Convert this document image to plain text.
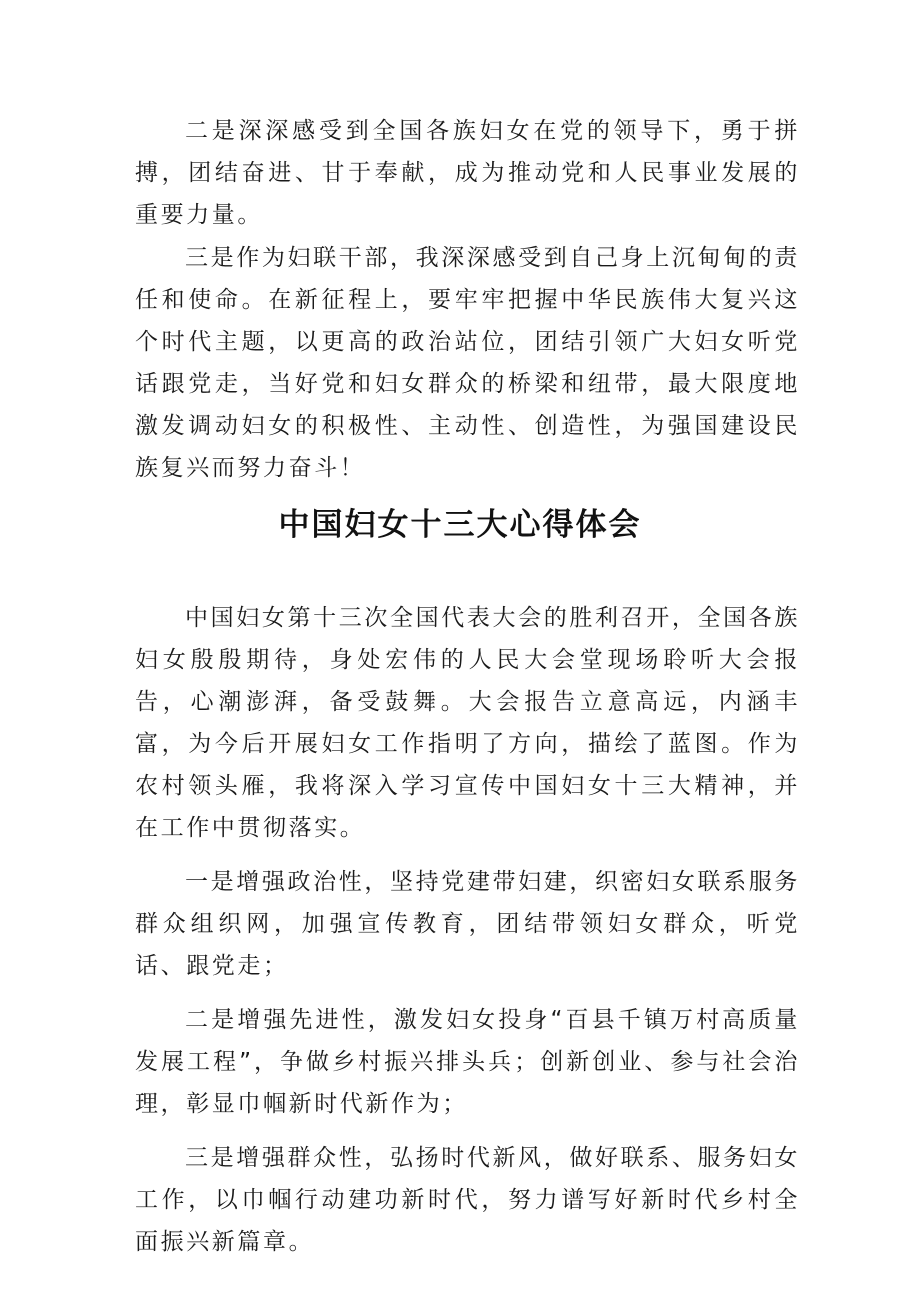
二是深深感受到全国各族妇女在党的领导下，勇于拼搏，团结奋进、甘于奉献，成为推动党和人民事业发展的重要力量。

三是作为妇联干部，我深深感受到自己身上沉甸甸的责任和使命。在新征程上，要牢牢把握中华民族伟大复兴这个时代主题，以更高的政治站位，团结引领广大妇女听党话跟党走，当好党和妇女群众的桥梁和纽带，最大限度地激发调动妇女的积极性、主动性、创造性，为强国建设民族复兴而努力奋斗！

中国妇女十三大心得体会

中国妇女第十三次全国代表大会的胜利召开，全国各族妇女殷殷期待，身处宏伟的人民大会堂现场聆听大会报告，心潮澎湃，备受鼓舞。大会报告立意高远，内涵丰富，为今后开展妇女工作指明了方向，描绘了蓝图。作为农村领头雁，我将深入学习宣传中国妇女十三大精神，并在工作中贯彻落实。

一是增强政治性，坚持党建带妇建，织密妇女联系服务群众组织网，加强宣传教育，团结带领妇女群众，听党话、跟党走；

二是增强先进性，激发妇女投身“百县千镇万村高质量发展工程”，争做乡村振兴排头兵；创新创业、参与社会治理，彰显巾帼新时代新作为；

三是增强群众性，弘扬时代新风，做好联系、服务妇女工作，以巾帼行动建功新时代，努力谱写好新时代乡村全面振兴新篇章。
